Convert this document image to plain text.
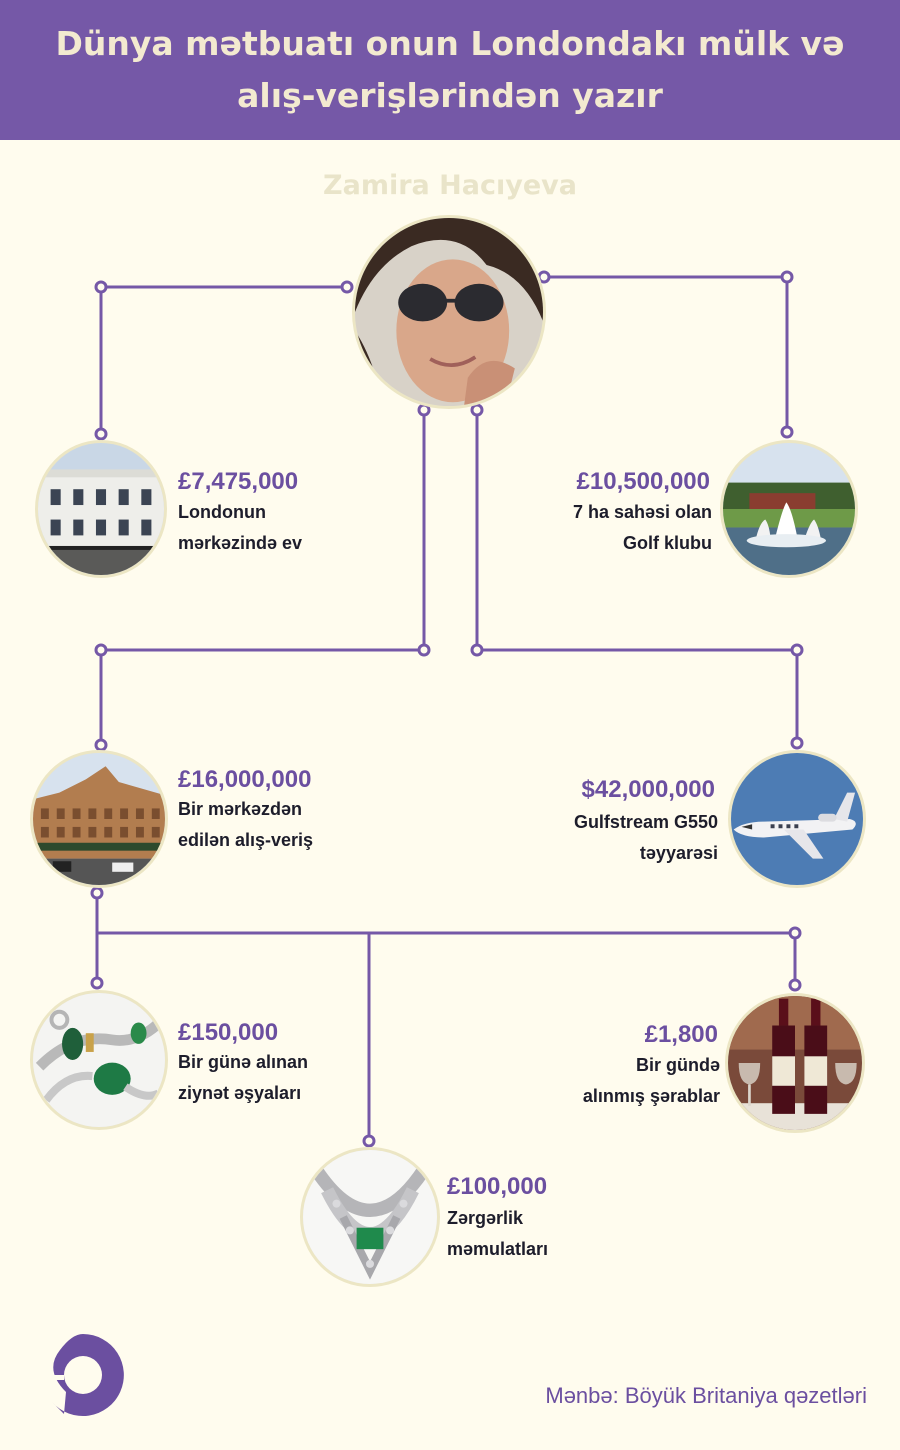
Dünya mətbuatı onun Londondakı mülk və
alış-verişlərindən yazır
Zamira Hacıyeva
£7,475,000
Londonun
mərkəzində ev
£10,500,000
7 ha sahəsi olan
Golf klubu
£16,000,000
Bir mərkəzdən
edilən alış-veriş
$42,000,000
Gulfstream G550
təyyarəsi
£150,000
Bir günə alınan
ziynət əşyaları
£1,800
Bir gündə
alınmış şərablar
£100,000
Zərgərlik
məmulatları
Mənbə: Böyük Britaniya qəzetləri
